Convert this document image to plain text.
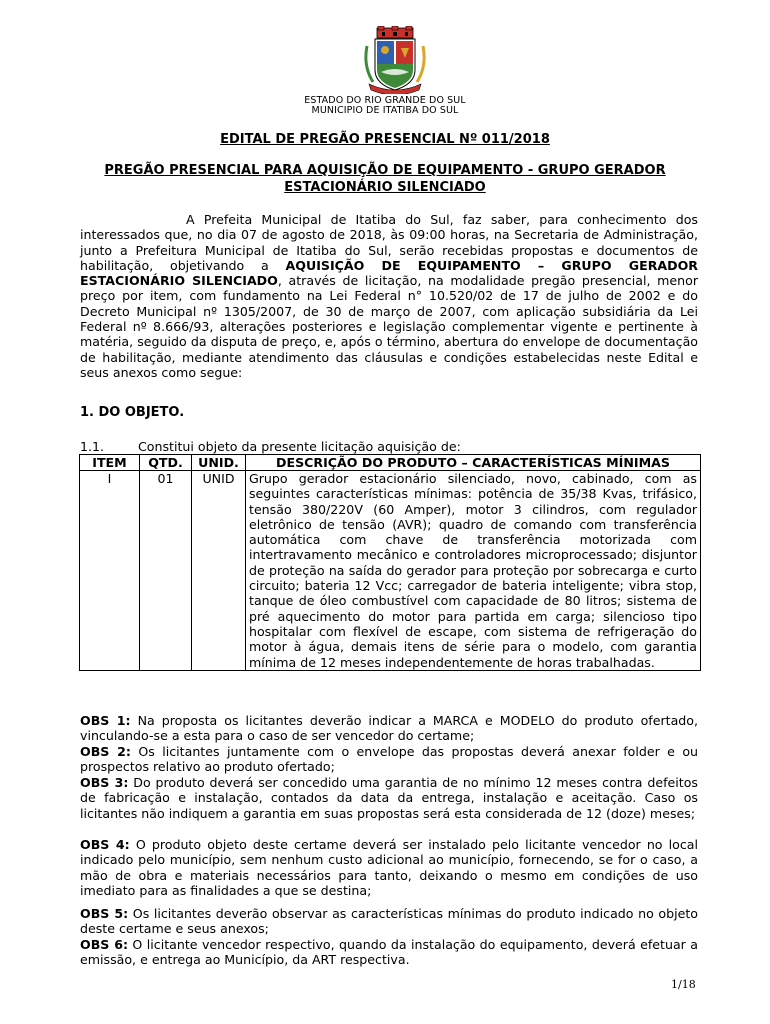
ESTADO DO RIO GRANDE DO SUL
MUNICIPIO DE ITATIBA DO SUL
EDITAL DE PREGÃO PRESENCIAL Nº 011/2018
PREGÃO PRESENCIAL PARA AQUISIÇÃO DE EQUIPAMENTO - GRUPO GERADOR
ESTACIONÁRIO SILENCIADO
A Prefeita Municipal de Itatiba do Sul, faz saber, para conhecimento dos interessados que, no dia 07 de agosto de 2018, às 09:00 horas, na Secretaria de Administração, junto a Prefeitura Municipal de Itatiba do Sul, serão recebidas propostas e documentos de habilitação, objetivando a AQUISIÇÃO DE EQUIPAMENTO – GRUPO GERADOR ESTACIONÁRIO SILENCIADO, através de licitação, na modalidade pregão presencial, menor preço por item, com fundamento na Lei Federal n° 10.520/02 de 17 de julho de 2002 e do Decreto Municipal nº 1305/2007, de 30 de março de 2007, com aplicação subsidiária da Lei Federal nº 8.666/93, alterações posteriores e legislação complementar vigente e pertinente à matéria, seguido da disputa de preço, e, após o término, abertura do envelope de documentação de habilitação, mediante atendimento das cláusulas e condições estabelecidas neste Edital e seus anexos como segue:
1. DO OBJETO.
1.1.	Constitui objeto da presente licitação aquisição de:
ITEM	QTD.	UNID.	DESCRIÇÃO DO PRODUTO – CARACTERÍSTICAS MÍNIMAS
I	01	UNID	Grupo gerador estacionário silenciado, novo, cabinado, com as seguintes características mínimas: potência de 35/38 Kvas, trifásico, tensão 380/220V (60 Amper), motor 3 cilindros, com regulador eletrônico de tensão (AVR); quadro de comando com transferência automática com chave de transferência motorizada com intertravamento mecânico e controladores microprocessado; disjuntor de proteção na saída do gerador para proteção por sobrecarga e curto circuito; bateria 12 Vcc; carregador de bateria inteligente; vibra stop, tanque de óleo combustível com capacidade de 80 litros; sistema de pré aquecimento do motor para partida em carga; silencioso tipo hospitalar com flexível de escape, com sistema de refrigeração do motor à água, demais itens de série para o modelo, com garantia mínima de 12 meses independentemente de horas trabalhadas.
OBS 1: Na proposta os licitantes deverão indicar a MARCA e MODELO do produto ofertado, vinculando-se a esta para o caso de ser vencedor do certame;
OBS 2: Os licitantes juntamente com o envelope das propostas deverá anexar folder e ou prospectos relativo ao produto ofertado;
OBS 3: Do produto deverá ser concedido uma garantia de no mínimo 12 meses contra defeitos de fabricação e instalação, contados da data da entrega, instalação e aceitação. Caso os licitantes não indiquem a garantia em suas propostas será esta considerada de 12 (doze) meses;
OBS 4: O produto objeto deste certame deverá ser instalado pelo licitante vencedor no local indicado pelo município, sem nenhum custo adicional ao município, fornecendo, se for o caso, a mão de obra e materiais necessários para tanto, deixando o mesmo em condições de uso imediato para as finalidades a que se destina;
OBS 5: Os licitantes deverão observar as características mínimas do produto indicado no objeto deste certame e seus anexos;
OBS 6: O licitante vencedor respectivo, quando da instalação do equipamento, deverá efetuar a emissão, e entrega ao Município, da ART respectiva.
1/18
